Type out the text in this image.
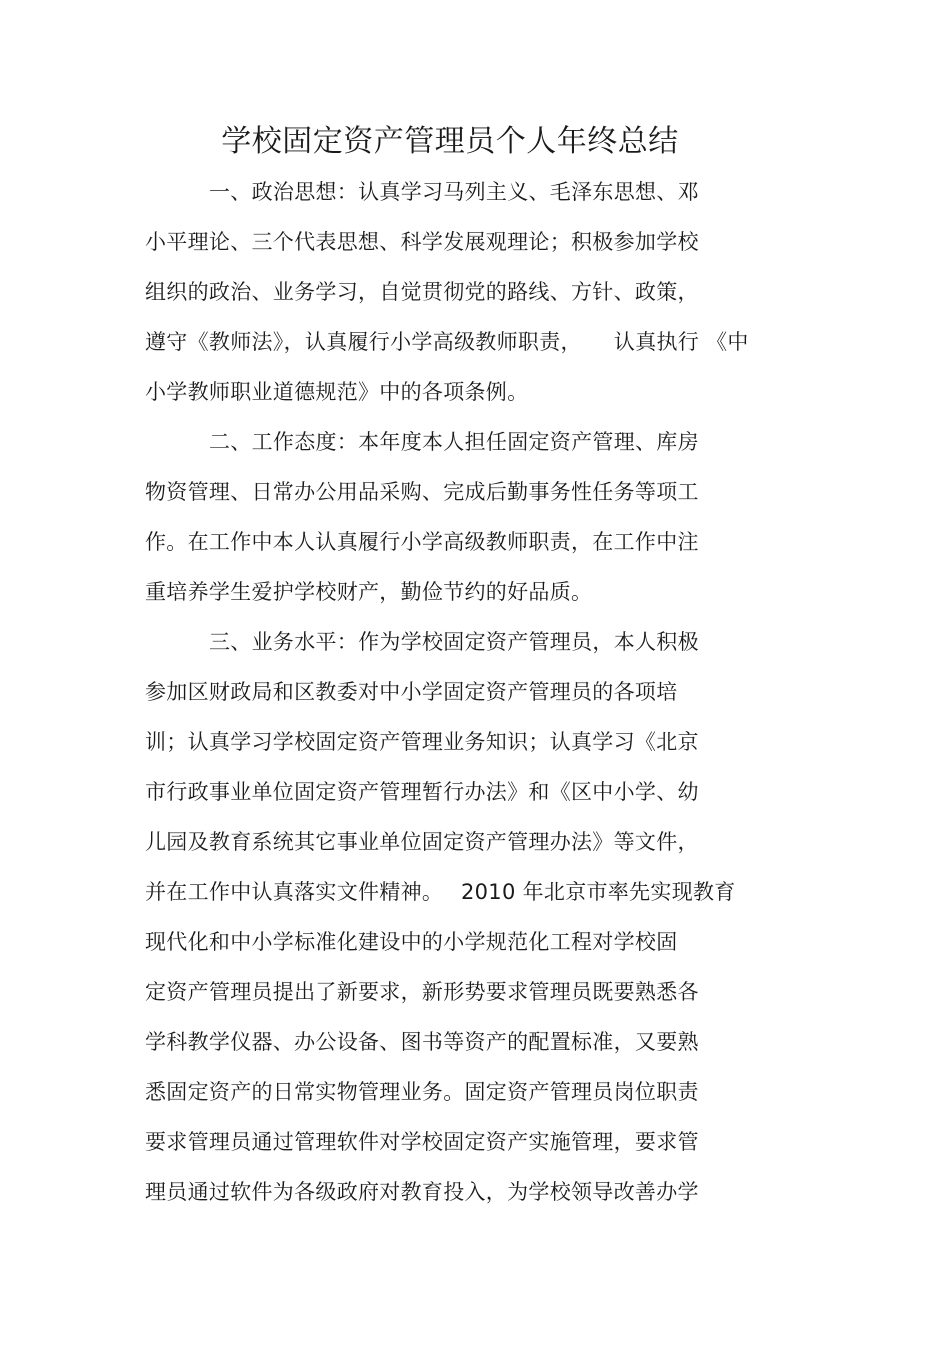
学校固定资产管理员个人年终总结
一、政治思想：认真学习马列主义、毛泽东思想、邓
小平理论、三个代表思想、科学发展观理论；积极参加学校
组织的政治、业务学习，自觉贯彻党的路线、方针、政策，
遵守《教师法》，认真履行小学高级教师职责，　　认真执行 《中
小学教师职业道德规范》中的各项条例。
二、工作态度：本年度本人担任固定资产管理、库房
物资管理、日常办公用品采购、完成后勤事务性任务等项工
作。在工作中本人认真履行小学高级教师职责，在工作中注
重培养学生爱护学校财产，勤俭节约的好品质。
三、业务水平：作为学校固定资产管理员，本人积极
参加区财政局和区教委对中小学固定资产管理员的各项培
训；认真学习学校固定资产管理业务知识；认真学习《北京
市行政事业单位固定资产管理暂行办法》和《区中小学、幼
儿园及教育系统其它事业单位固定资产管理办法》等文件，
并在工作中认真落实文件精神。　 2010 年北京市率先实现教育
现代化和中小学标准化建设中的小学规范化工程对学校固
定资产管理员提出了新要求，新形势要求管理员既要熟悉各
学科教学仪器、办公设备、图书等资产的配置标准，又要熟
悉固定资产的日常实物管理业务。固定资产管理员岗位职责
要求管理员通过管理软件对学校固定资产实施管理，要求管
理员通过软件为各级政府对教育投入，为学校领导改善办学
